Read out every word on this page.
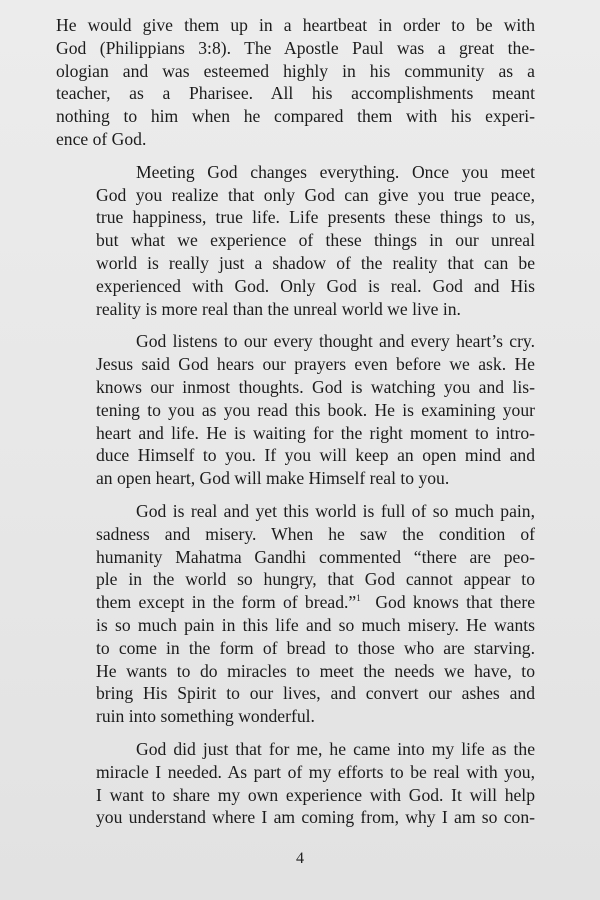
He would give them up in a heartbeat in order to be with
God (Philippians 3:8). The Apostle Paul was a great the-
ologian and was esteemed highly in his community as a
teacher, as a Pharisee. All his accomplishments meant
nothing to him when he compared them with his experi-
ence of God.

Meeting God changes everything. Once you meet
God you realize that only God can give you true peace,
true happiness, true life. Life presents these things to us,
but what we experience of these things in our unreal
world is really just a shadow of the reality that can be
experienced with God. Only God is real. God and His
reality is more real than the unreal world we live in.

God listens to our every thought and every heart’s cry.
Jesus said God hears our prayers even before we ask. He
knows our inmost thoughts. God is watching you and lis-
tening to you as you read this book. He is examining your
heart and life. He is waiting for the right moment to intro-
duce Himself to you. If you will keep an open mind and
an open heart, God will make Himself real to you.

God is real and yet this world is full of so much pain,
sadness and misery. When he saw the condition of
humanity Mahatma Gandhi commented “there are peo-
ple in the world so hungry, that God cannot appear to
them except in the form of bread.”$^1$ God knows that there
is so much pain in this life and so much misery. He wants
to come in the form of bread to those who are starving.
He wants to do miracles to meet the needs we have, to
bring His Spirit to our lives, and convert our ashes and
ruin into something wonderful.

God did just that for me, he came into my life as the
miracle I needed. As part of my efforts to be real with you,
I want to share my own experience with God. It will help
you understand where I am coming from, why I am so con-

4
